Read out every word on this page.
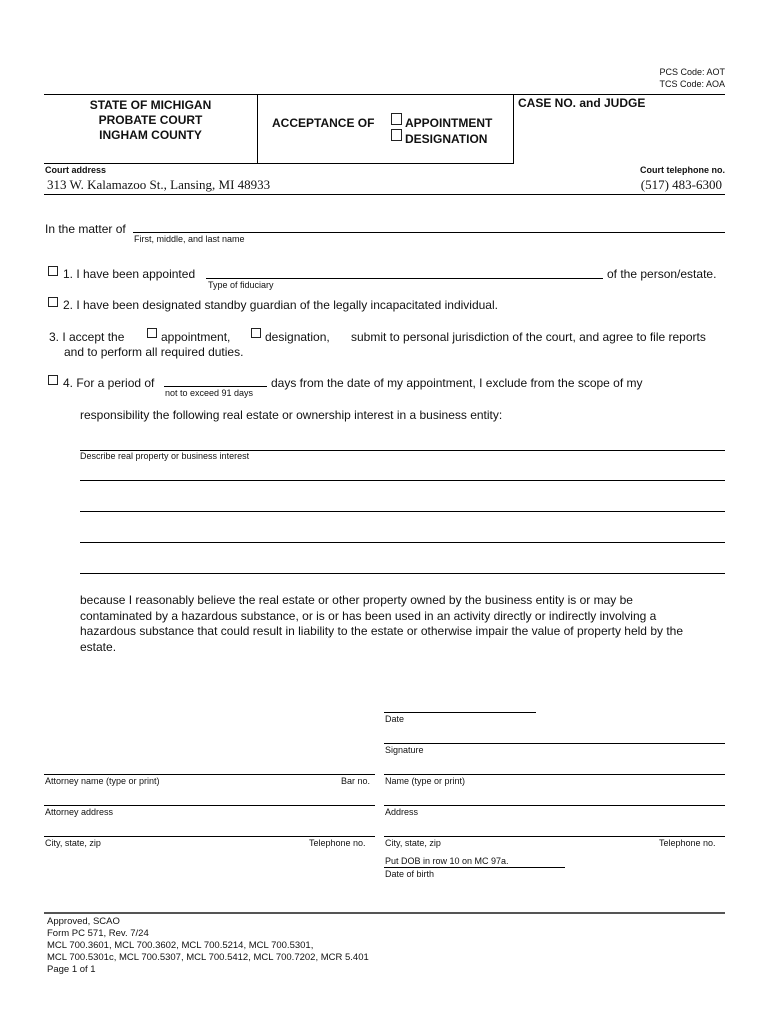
PCS Code: AOT
TCS Code: AOA
STATE OF MICHIGAN
PROBATE COURT
INGHAM COUNTY
ACCEPTANCE OF	APPOINTMENT
DESIGNATION
CASE NO. and JUDGE
Court address
313 W. Kalamazoo St., Lansing, MI 48933
Court telephone no.
(517) 483-6300
In the matter of
First, middle, and last name
1. I have been appointed
Type of fiduciary
of the person/estate.
2. I have been designated standby guardian of the legally incapacitated individual.
3. I accept the	appointment,	designation, submit to personal jurisdiction of the court, and agree to file reports
and to perform all required duties.
4. For a period of
not to exceed 91 days
days from the date of my appointment, I exclude from the scope of my
responsibility the following real estate or ownership interest in a business entity:
Describe real property or business interest
because I reasonably believe the real estate or other property owned by the business entity is or may be
contaminated by a hazardous substance, or is or has been used in an activity directly or indirectly involving a
hazardous substance that could result in liability to the estate or otherwise impair the value of property held by the
estate.
Date
Signature
Attorney name (type or print)	Bar no. Name (type or print)
Attorney address	Address
City, state, zip	Telephone no. City, state, zip	Telephone no.
Put DOB in row 10 on MC 97a.
Date of birth
Approved, SCAO
Form PC 571, Rev. 7/24
MCL 700.3601, MCL 700.3602, MCL 700.5214, MCL 700.5301,
MCL 700.5301c, MCL 700.5307, MCL 700.5412, MCL 700.7202, MCR 5.401
Page 1 of 1
